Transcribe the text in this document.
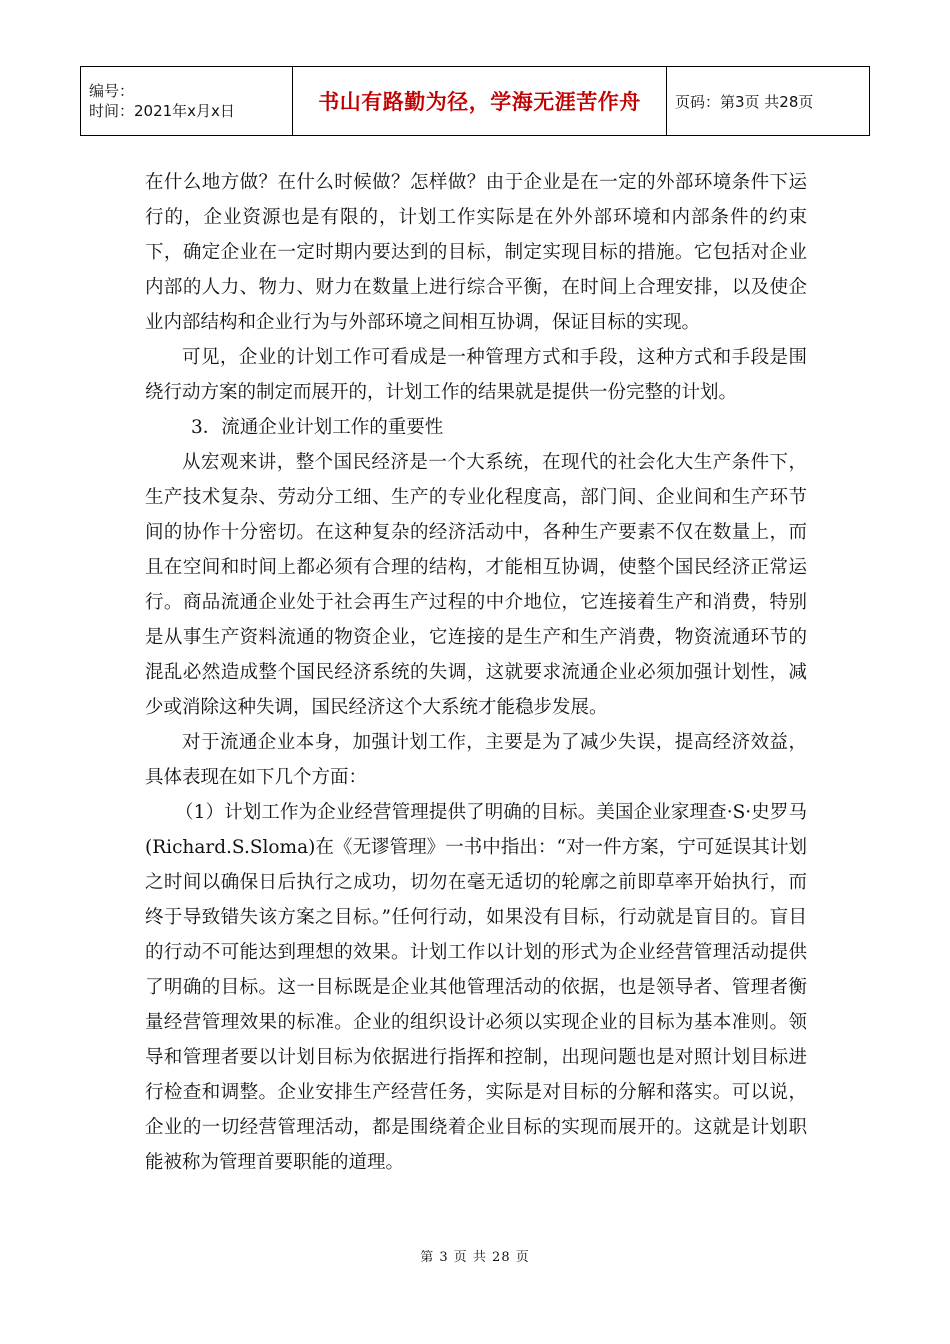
编号：
时间：2021年x月x日	书山有路勤为径，学海无涯苦作舟	页码：第3页 共28页

在什么地方做？在什么时候做？怎样做？由于企业是在一定的外部环境条件下运行的，企业资源也是有限的，计划工作实际是在外外部环境和内部条件的约束下，确定企业在一定时期内要达到的目标，制定实现目标的措施。它包括对企业内部的人力、物力、财力在数量上进行综合平衡，在时间上合理安排，以及使企业内部结构和企业行为与外部环境之间相互协调，保证目标的实现。

可见，企业的计划工作可看成是一种管理方式和手段，这种方式和手段是围绕行动方案的制定而展开的，计划工作的结果就是提供一份完整的计划。

3．流通企业计划工作的重要性

从宏观来讲，整个国民经济是一个大系统，在现代的社会化大生产条件下，生产技术复杂、劳动分工细、生产的专业化程度高，部门间、企业间和生产环节间的协作十分密切。在这种复杂的经济活动中，各种生产要素不仅在数量上，而且在空间和时间上都必须有合理的结构，才能相互协调，使整个国民经济正常运行。商品流通企业处于社会再生产过程的中介地位，它连接着生产和消费，特别是从事生产资料流通的物资企业，它连接的是生产和生产消费，物资流通环节的混乱必然造成整个国民经济系统的失调，这就要求流通企业必须加强计划性，减少或消除这种失调，国民经济这个大系统才能稳步发展。

对于流通企业本身，加强计划工作，主要是为了减少失误，提高经济效益，具体表现在如下几个方面：

（1）计划工作为企业经营管理提供了明确的目标。美国企业家理查·S·史罗马(Richard.S.Sloma)在《无谬管理》一书中指出：“对一件方案，宁可延误其计划之时间以确保日后执行之成功，切勿在毫无适切的轮廓之前即草率开始执行，而终于导致错失该方案之目标。”任何行动，如果没有目标，行动就是盲目的。盲目的行动不可能达到理想的效果。计划工作以计划的形式为企业经营管理活动提供了明确的目标。这一目标既是企业其他管理活动的依据，也是领导者、管理者衡量经营管理效果的标准。企业的组织设计必须以实现企业的目标为基本准则。领导和管理者要以计划目标为依据进行指挥和控制，出现问题也是对照计划目标进行检查和调整。企业安排生产经营任务，实际是对目标的分解和落实。可以说，企业的一切经营管理活动，都是围绕着企业目标的实现而展开的。这就是计划职能被称为管理首要职能的道理。

第 3 页 共 28 页
